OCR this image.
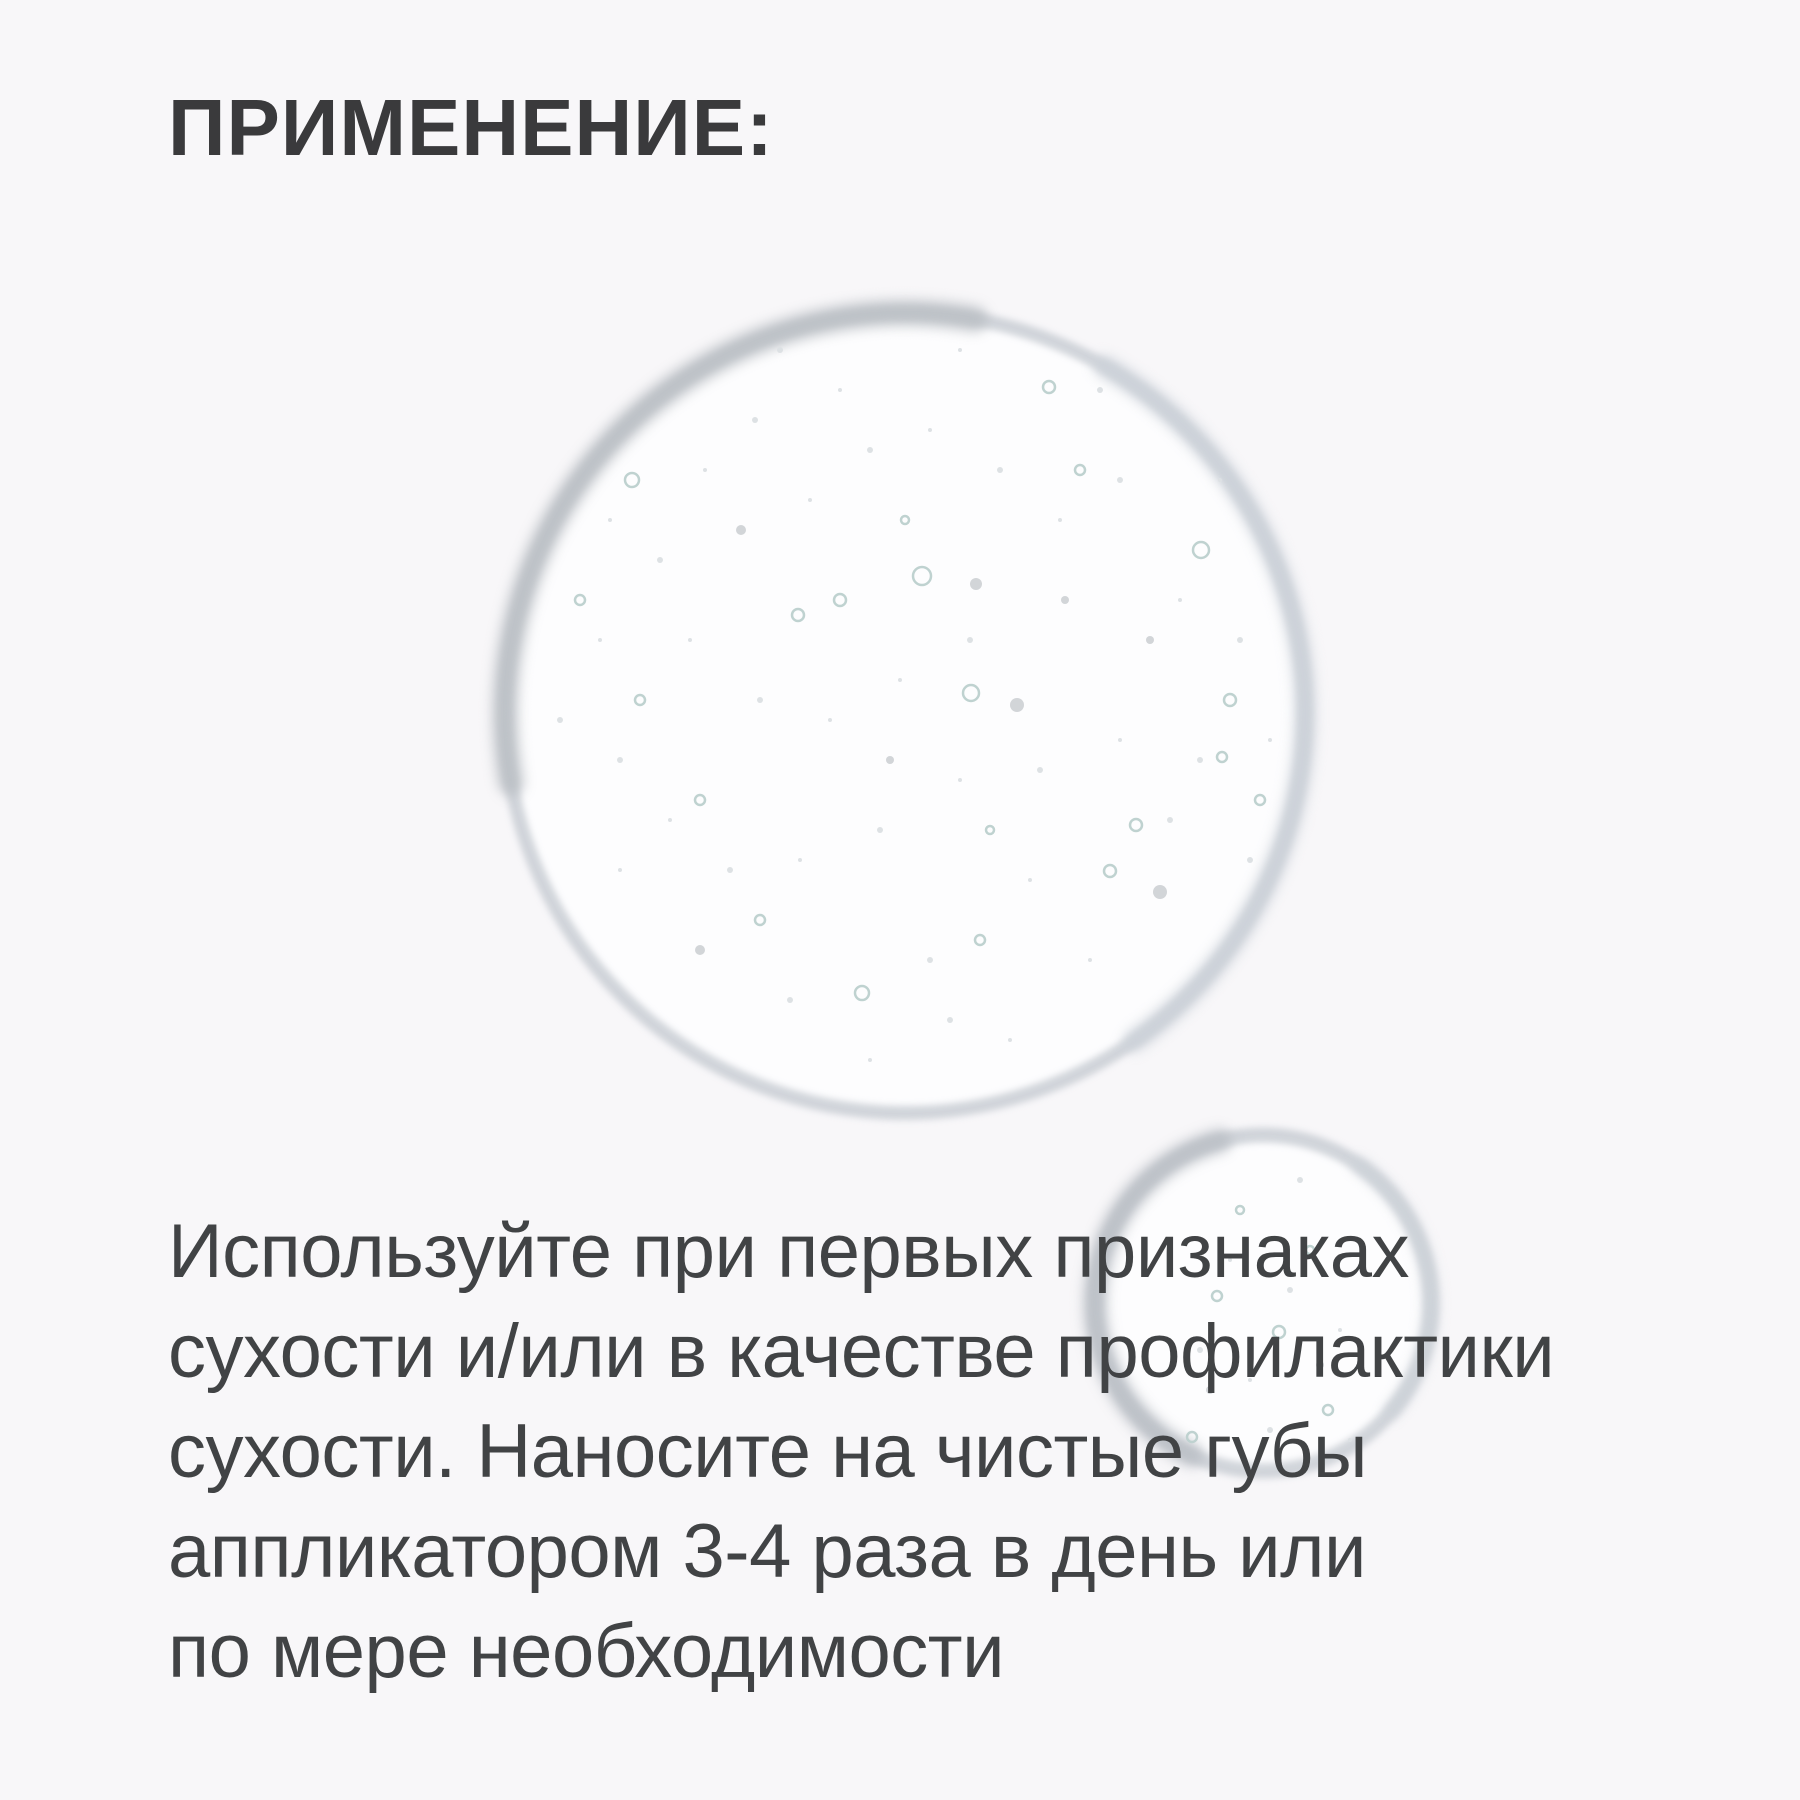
ПРИМЕНЕНИЕ:
Используйте при первых признаках
сухости и/или в качестве профилактики
сухости. Наносите на чистые губы
аппликатором 3-4 раза в день или
по мере необходимости
